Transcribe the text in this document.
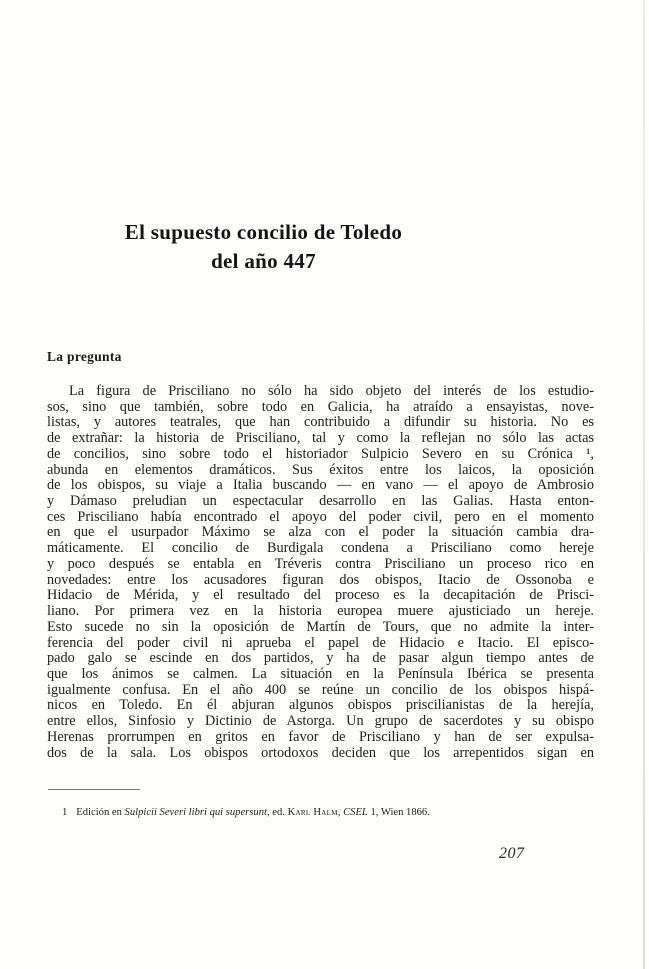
El supuesto concilio de Toledo
del año 447
La pregunta
La figura de Prisciliano no sólo ha sido objeto del interés de los estudio-
sos, sino que también, sobre todo en Galicia, ha atraído a ensayistas, nove-
listas, y autores teatrales, que han contribuido a difundir su historia. No es
de extrañar: la historia de Prisciliano, tal y como la reflejan no sólo las actas
de concilios, sino sobre todo el historiador Sulpicio Severo en su Crónica ¹,
abunda en elementos dramáticos. Sus éxitos entre los laicos, la oposición
de los obispos, su viaje a Italia buscando — en vano — el apoyo de Ambrosio
y Dámaso preludian un espectacular desarrollo en las Galias. Hasta enton-
ces Prisciliano había encontrado el apoyo del poder civil, pero en el momento
en que el usurpador Máximo se alza con el poder la situación cambia dra-
máticamente. El concilio de Burdigala condena a Prisciliano como hereje
y poco después se entabla en Tréveris contra Prisciliano un proceso rico en
novedades: entre los acusadores figuran dos obispos, Itacio de Ossonoba e
Hidacio de Mérida, y el resultado del proceso es la decapitación de Prisci-
liano. Por primera vez en la historia europea muere ajusticiado un hereje.
Esto sucede no sin la oposición de Martín de Tours, que no admite la inter-
ferencia del poder civil ni aprueba el papel de Hidacio e Itacio. El episco-
pado galo se escinde en dos partidos, y ha de pasar algun tiempo antes de
que los ánimos se calmen. La situación en la Península Ibérica se presenta
igualmente confusa. En el año 400 se reúne un concilio de los obispos hispá-
nicos en Toledo. En él abjuran algunos obispos priscilianistas de la herejía,
entre ellos, Sinfosio y Dictinio de Astorga. Un grupo de sacerdotes y su obispo
Herenas prorrumpen en gritos en favor de Prisciliano y han de ser expulsa-
dos de la sala. Los obispos ortodoxos deciden que los arrepentidos sigan en
1 Edición en Sulpicii Severi libri qui supersunt, ed. Karl Halm, CSEL 1, Wien 1866.
207
